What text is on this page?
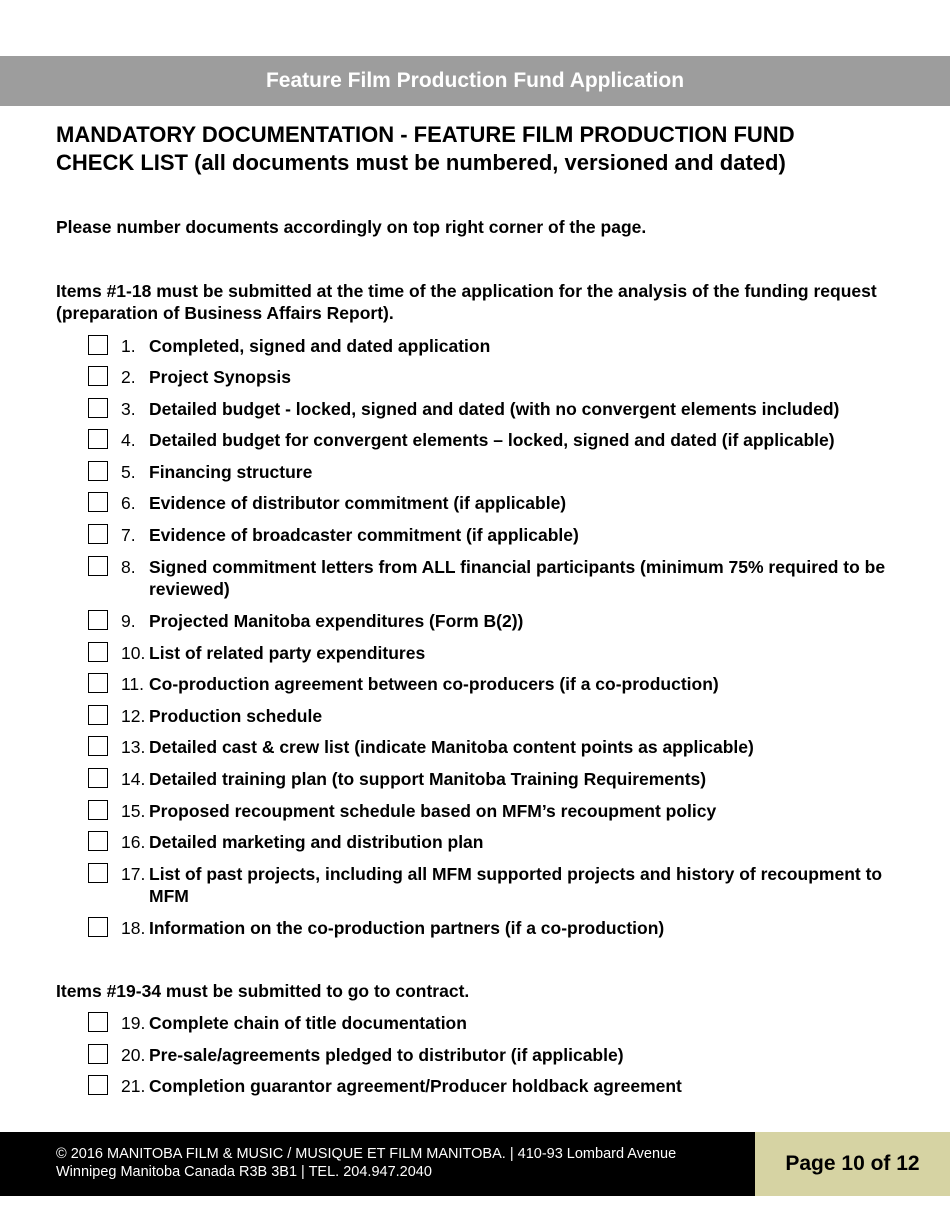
Feature Film Production Fund Application
MANDATORY DOCUMENTATION - FEATURE FILM PRODUCTION FUND
CHECK LIST (all documents must be numbered, versioned and dated)

Please number documents accordingly on top right corner of the page.

Items #1-18 must be submitted at the time of the application for the analysis of the funding request (preparation of Business Affairs Report).

1. Completed, signed and dated application
2. Project Synopsis
3. Detailed budget - locked, signed and dated (with no convergent elements included)
4. Detailed budget for convergent elements – locked, signed and dated (if applicable)
5. Financing structure
6. Evidence of distributor commitment (if applicable)
7. Evidence of broadcaster commitment (if applicable)
8. Signed commitment letters from ALL financial participants (minimum 75% required to be reviewed)
9. Projected Manitoba expenditures (Form B(2))
10. List of related party expenditures
11. Co-production agreement between co-producers (if a co-production)
12. Production schedule
13. Detailed cast & crew list (indicate Manitoba content points as applicable)
14. Detailed training plan (to support Manitoba Training Requirements)
15. Proposed recoupment schedule based on MFM’s recoupment policy
16. Detailed marketing and distribution plan
17. List of past projects, including all MFM supported projects and history of recoupment to MFM
18. Information on the co-production partners (if a co-production)

Items #19-34 must be submitted to go to contract.

19. Complete chain of title documentation
20. Pre-sale/agreements pledged to distributor (if applicable)
21. Completion guarantor agreement/Producer holdback agreement
© 2016 MANITOBA FILM & MUSIC / MUSIQUE ET FILM MANITOBA. | 410-93 Lombard Avenue
Winnipeg Manitoba Canada R3B 3B1 | TEL. 204.947.2040	Page 10 of 12
